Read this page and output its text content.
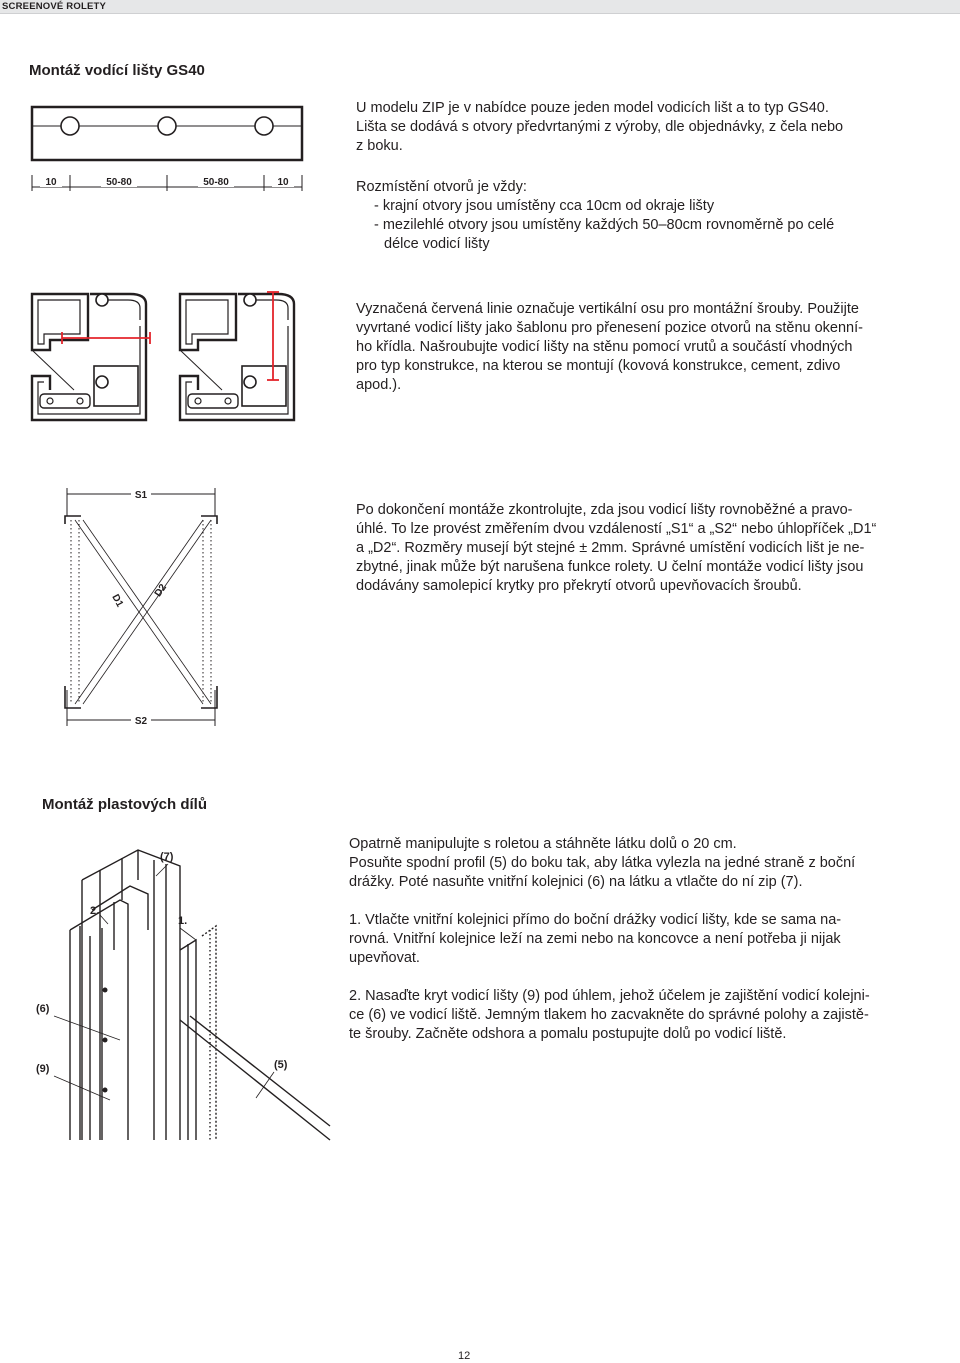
SCREENOVÉ ROLETY
Montáž vodící lišty GS40
10	50-80	50-80	10

U modelu ZIP je v nabídce pouze jeden model vodicích lišt a to typ GS40.

Lišta se dodává s otvory předvrtanými z výroby, dle objednávky, z čela nebo

z boku.

Rozmístění otvorů je vždy:

- krajní otvory jsou umístěny cca 10cm od okraje lišty

- mezilehlé otvory jsou umístěny každých 50–80cm rovnoměrně po celé

délce vodicí lišty

Vyznačená červená linie označuje vertikální osu pro montážní šrouby. Použijte

vyvrtané vodicí lišty jako šablonu pro přenesení pozice otvorů na stěnu okenní-

ho křídla. Našroubujte vodicí lišty na stěnu pomocí vrutů a součástí vhodných

pro typ konstrukce, na kterou se montují (kovová konstrukce, cement, zdivo

apod.).

S1
S2
D1
D2

Po dokončení montáže zkontrolujte, zda jsou vodicí lišty rovnoběžné a pravo-

úhlé. To lze provést změřením dvou vzdáleností „S1“ a „S2“ nebo úhlopříček „D1“

a „D2“. Rozměry musejí být stejné ± 2mm. Správné umístění vodicích lišt je ne-

zbytné, jinak může být narušena funkce rolety. U čelní montáže vodicí lišty jsou

dodávány samolepicí krytky pro překrytí otvorů upevňovacích šroubů.

Montáž plastových dílů
(7)
2.
1.
(6)
(9)	(5)

Opatrně manipulujte s roletou a stáhněte látku dolů o 20 cm.

Posuňte spodní profil (5) do boku tak, aby látka vylezla na jedné straně z boční

drážky. Poté nasuňte vnitřní kolejnici (6) na látku a vtlačte do ní zip (7).

1. Vtlačte vnitřní kolejnici přímo do boční drážky vodicí lišty, kde se sama na-

rovná. Vnitřní kolejnice leží na zemi nebo na koncovce a není potřeba ji nijak

upevňovat.

2. Nasaďte kryt vodicí lišty (9) pod úhlem, jehož účelem je zajištění vodicí kolejni-

ce (6) ve vodicí liště. Jemným tlakem ho zacvakněte do správné polohy a zajistě-

te šrouby. Začněte odshora a pomalu postupujte dolů po vodicí liště.

12
